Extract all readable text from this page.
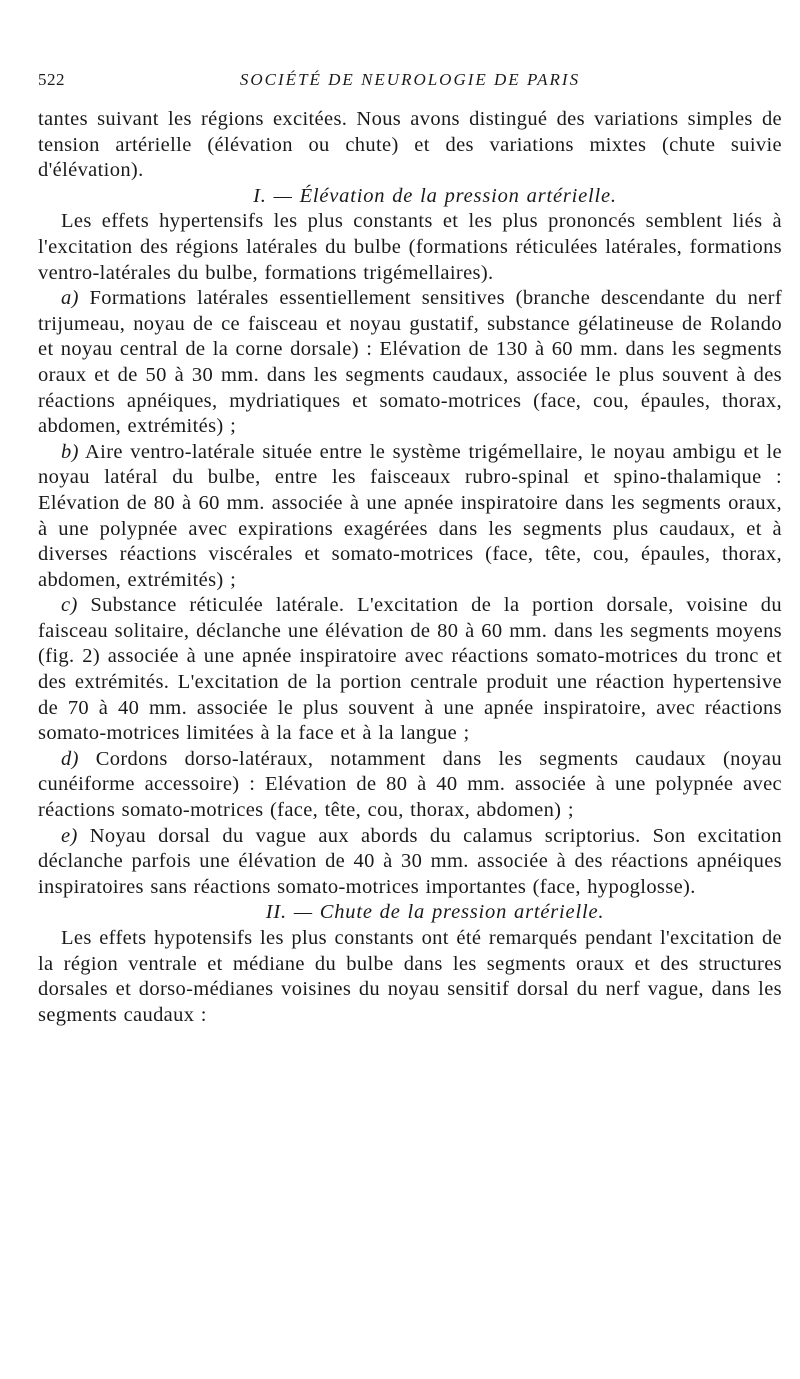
522	SOCIÉTÉ DE NEUROLOGIE DE PARIS

tantes suivant les régions excitées. Nous avons distingué des variations simples de tension artérielle (élévation ou chute) et des variations mixtes (chute suivie d'élévation).

I. — Élévation de la pression artérielle.

Les effets hypertensifs les plus constants et les plus prononcés semblent liés à l'excitation des régions latérales du bulbe (formations réticulées latérales, formations ventro-latérales du bulbe, formations trigémellaires).

a) Formations latérales essentiellement sensitives (branche descendante du nerf trijumeau, noyau de ce faisceau et noyau gustatif, substance gélatineuse de Rolando et noyau central de la corne dorsale) : Elévation de 130 à 60 mm. dans les segments oraux et de 50 à 30 mm. dans les segments caudaux, associée le plus souvent à des réactions apnéiques, mydriatiques et somato-motrices (face, cou, épaules, thorax, abdomen, extrémités) ;

b) Aire ventro-latérale située entre le système trigémellaire, le noyau ambigu et le noyau latéral du bulbe, entre les faisceaux rubro-spinal et spino-thalamique : Elévation de 80 à 60 mm. associée à une apnée inspiratoire dans les segments oraux, à une polypnée avec expirations exagérées dans les segments plus caudaux, et à diverses réactions viscérales et somato-motrices (face, tête, cou, épaules, thorax, abdomen, extrémités) ;

c) Substance réticulée latérale. L'excitation de la portion dorsale, voisine du faisceau solitaire, déclanche une élévation de 80 à 60 mm. dans les segments moyens (fig. 2) associée à une apnée inspiratoire avec réactions somato-motrices du tronc et des extrémités. L'excitation de la portion centrale produit une réaction hypertensive de 70 à 40 mm. associée le plus souvent à une apnée inspiratoire, avec réactions somato-motrices limitées à la face et à la langue ;

d) Cordons dorso-latéraux, notamment dans les segments caudaux (noyau cunéiforme accessoire) : Elévation de 80 à 40 mm. associée à une polypnée avec réactions somato-motrices (face, tête, cou, thorax, abdomen) ;

e) Noyau dorsal du vague aux abords du calamus scriptorius. Son excitation déclanche parfois une élévation de 40 à 30 mm. associée à des réactions apnéiques inspiratoires sans réactions somato-motrices importantes (face, hypoglosse).

II. — Chute de la pression artérielle.

Les effets hypotensifs les plus constants ont été remarqués pendant l'excitation de la région ventrale et médiane du bulbe dans les segments oraux et des structures dorsales et dorso-médianes voisines du noyau sensitif dorsal du nerf vague, dans les segments caudaux :
